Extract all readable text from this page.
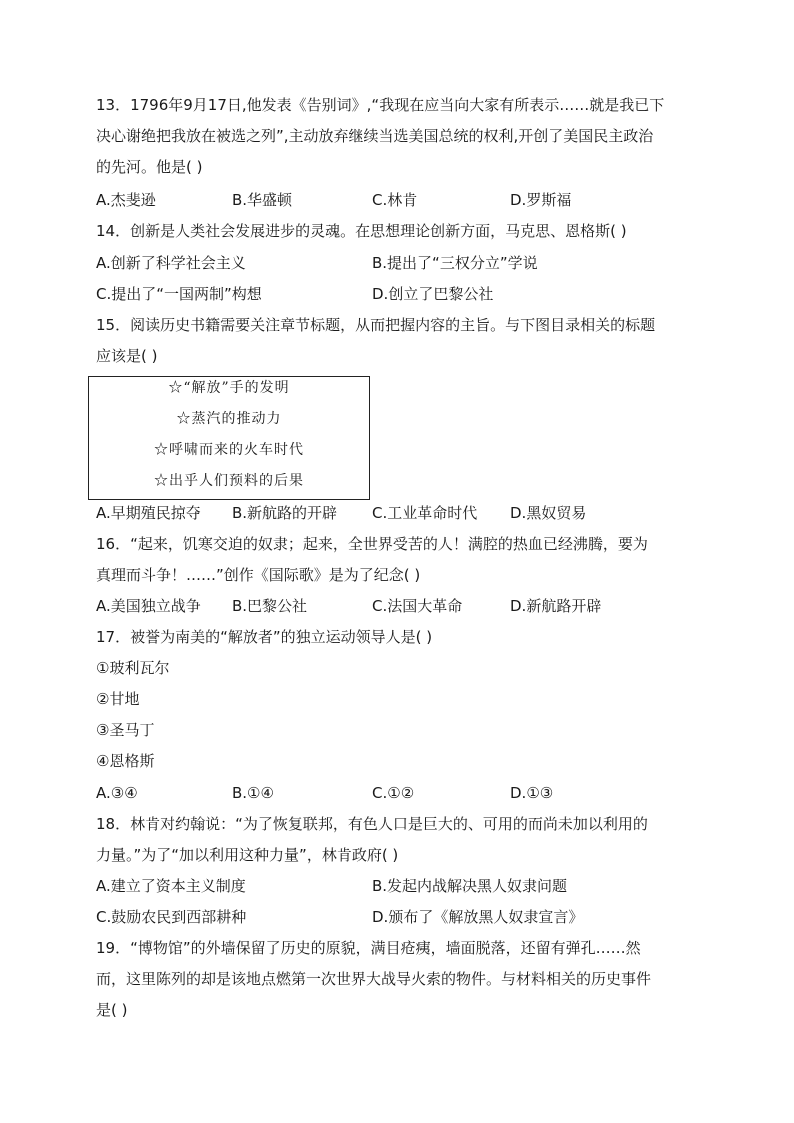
13．1796年9月17日,他发表《告别词》,“我现在应当向大家有所表示……就是我已下
决心谢绝把我放在被选之列”,主动放弃继续当选美国总统的权利,开创了美国民主政治
的先河。他是( )
A.杰斐逊	B.华盛顿	C.林肯	D.罗斯福
14．创新是人类社会发展进步的灵魂。在思想理论创新方面，马克思、恩格斯( )
A.创新了科学社会主义	B.提出了“三权分立”学说
C.提出了“一国两制”构想	D.创立了巴黎公社
15．阅读历史书籍需要关注章节标题，从而把握内容的主旨。与下图目录相关的标题
应该是( )
☆“解放”手的发明
☆蒸汽的推动力
☆呼啸而来的火车时代
☆出乎人们预料的后果
A.早期殖民掠夺 B.新航路的开辟 C.工业革命时代 D.黑奴贸易
16．“起来，饥寒交迫的奴隶；起来，全世界受苦的人！满腔的热血已经沸腾，要为
真理而斗争！……”创作《国际歌》是为了纪念( )
A.美国独立战争 B.巴黎公社	C.法国大革命	D.新航路开辟
17．被誉为南美的“解放者”的独立运动领导人是( )
①玻利瓦尔
②甘地
③圣马丁
④恩格斯
A.③④	B.①④	C.①②	D.①③
18．林肯对约翰说：“为了恢复联邦，有色人口是巨大的、可用的而尚未加以利用的
力量。”为了“加以利用这种力量”，林肯政府( )
A.建立了资本主义制度	B.发起内战解决黑人奴隶问题
C.鼓励农民到西部耕种	D.颁布了《解放黑人奴隶宣言》
19．“博物馆”的外墙保留了历史的原貌，满目疮痍，墙面脱落，还留有弹孔……然
而，这里陈列的却是该地点燃第一次世界大战导火索的物件。与材料相关的历史事件
是( )
